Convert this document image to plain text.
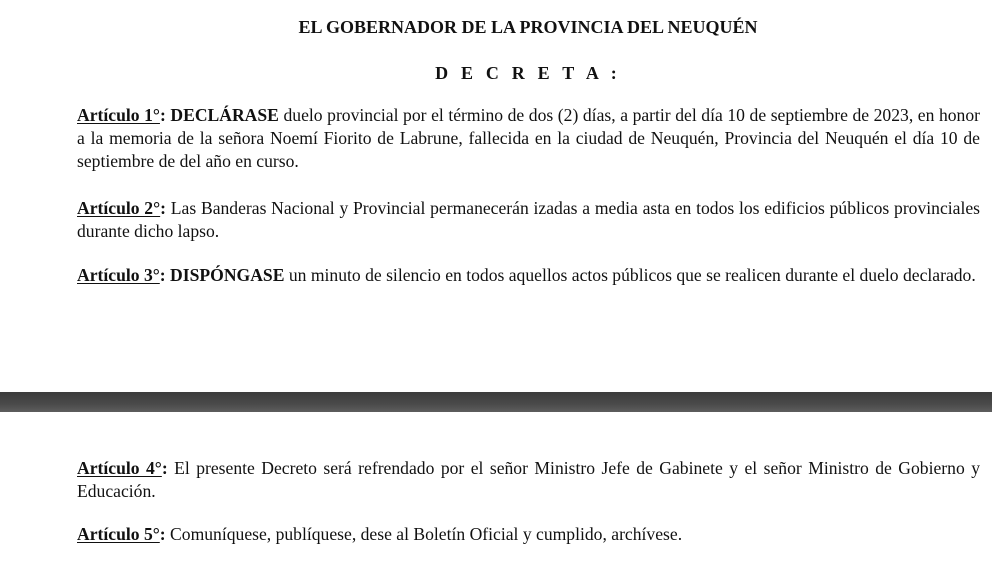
EL GOBERNADOR DE LA PROVINCIA DEL NEUQUÉN
D E C R E T A :

Artículo 1°: DECLÁRASE duelo provincial por el término de dos (2) días, a partir del día 10 de septiembre de 2023, en honor a la memoria de la señora Noemí Fiorito de Labrune, fallecida en la ciudad de Neuquén, Provincia del Neuquén el día 10 de septiembre de del año en curso.

Artículo 2°: Las Banderas Nacional y Provincial permanecerán izadas a media asta en todos los edificios públicos provinciales durante dicho lapso.

Artículo 3°: DISPÓNGASE un minuto de silencio en todos aquellos actos públicos que se realicen durante el duelo declarado.

Artículo 4°: El presente Decreto será refrendado por el señor Ministro Jefe de Gabinete y el señor Ministro de Gobierno y Educación.

Artículo 5°: Comuníquese, publíquese, dese al Boletín Oficial y cumplido, archívese.
